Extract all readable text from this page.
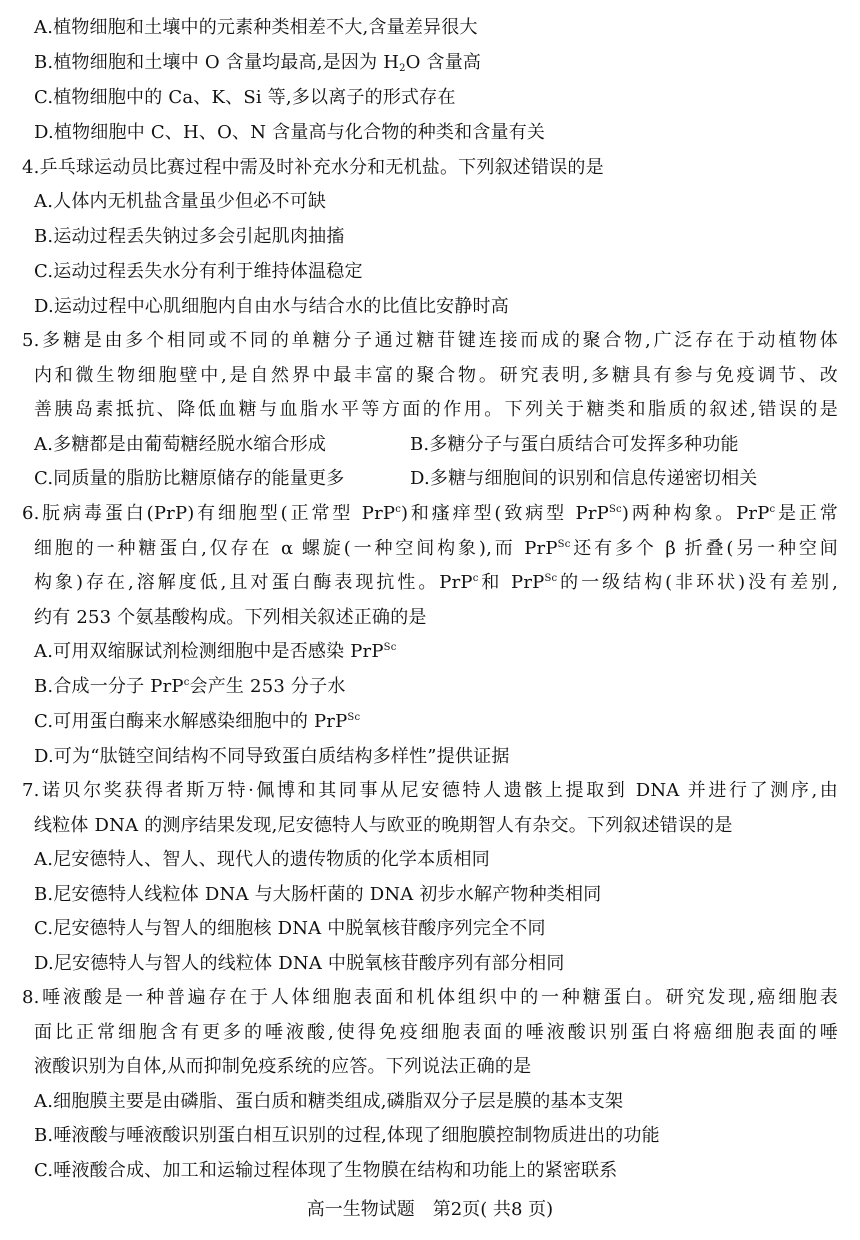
A.植物细胞和土壤中的元素种类相差不大,含量差异很大
B.植物细胞和土壤中 O 含量均最高,是因为 $H_2O$ 含量高
C.植物细胞中的 Ca、K、Si 等,多以离子的形式存在
D.植物细胞中 C、H、O、N 含量高与化合物的种类和含量有关
4.乒乓球运动员比赛过程中需及时补充水分和无机盐。下列叙述错误的是
A.人体内无机盐含量虽少但必不可缺
B.运动过程丢失钠过多会引起肌肉抽搐
C.运动过程丢失水分有利于维持体温稳定
D.运动过程中心肌细胞内自由水与结合水的比值比安静时高
5.多糖是由多个相同或不同的单糖分子通过糖苷键连接而成的聚合物,广泛存在于动植物体
内和微生物细胞壁中,是自然界中最丰富的聚合物。研究表明,多糖具有参与免疫调节、改
善胰岛素抵抗、降低血糖与血脂水平等方面的作用。下列关于糖类和脂质的叙述,错误的是
A.多糖都是由葡萄糖经脱水缩合形成	B.多糖分子与蛋白质结合可发挥多种功能
C.同质量的脂肪比糖原储存的能量更多	D.多糖与细胞间的识别和信息传递密切相关
6.朊病毒蛋白(PrP)有细胞型(正常型 PrP$^c$)和瘙痒型(致病型 PrP$^{Sc}$)两种构象。PrP$^c$是正常
细胞的一种糖蛋白,仅存在 α 螺旋(一种空间构象),而 PrP$^{Sc}$还有多个 β 折叠(另一种空间
构象)存在,溶解度低,且对蛋白酶表现抗性。PrP$^c$和 PrP$^{Sc}$的一级结构(非环状)没有差别,
约有 253 个氨基酸构成。下列相关叙述正确的是
A.可用双缩脲试剂检测细胞中是否感染 PrP$^{Sc}$
B.合成一分子 PrP$^c$会产生 253 分子水
C.可用蛋白酶来水解感染细胞中的 PrP$^{Sc}$
D.可为“肽链空间结构不同导致蛋白质结构多样性”提供证据
7.诺贝尔奖获得者斯万特·佩博和其同事从尼安德特人遗骸上提取到 DNA 并进行了测序,由
线粒体 DNA 的测序结果发现,尼安德特人与欧亚的晚期智人有杂交。下列叙述错误的是
A.尼安德特人、智人、现代人的遗传物质的化学本质相同
B.尼安德特人线粒体 DNA 与大肠杆菌的 DNA 初步水解产物种类相同
C.尼安德特人与智人的细胞核 DNA 中脱氧核苷酸序列完全不同
D.尼安德特人与智人的线粒体 DNA 中脱氧核苷酸序列有部分相同
8.唾液酸是一种普遍存在于人体细胞表面和机体组织中的一种糖蛋白。研究发现,癌细胞表
面比正常细胞含有更多的唾液酸,使得免疫细胞表面的唾液酸识别蛋白将癌细胞表面的唾
液酸识别为自体,从而抑制免疫系统的应答。下列说法正确的是
A.细胞膜主要是由磷脂、蛋白质和糖类组成,磷脂双分子层是膜的基本支架
B.唾液酸与唾液酸识别蛋白相互识别的过程,体现了细胞膜控制物质进出的功能
C.唾液酸合成、加工和运输过程体现了生物膜在结构和功能上的紧密联系
高一生物试题　第2页( 共8 页)
